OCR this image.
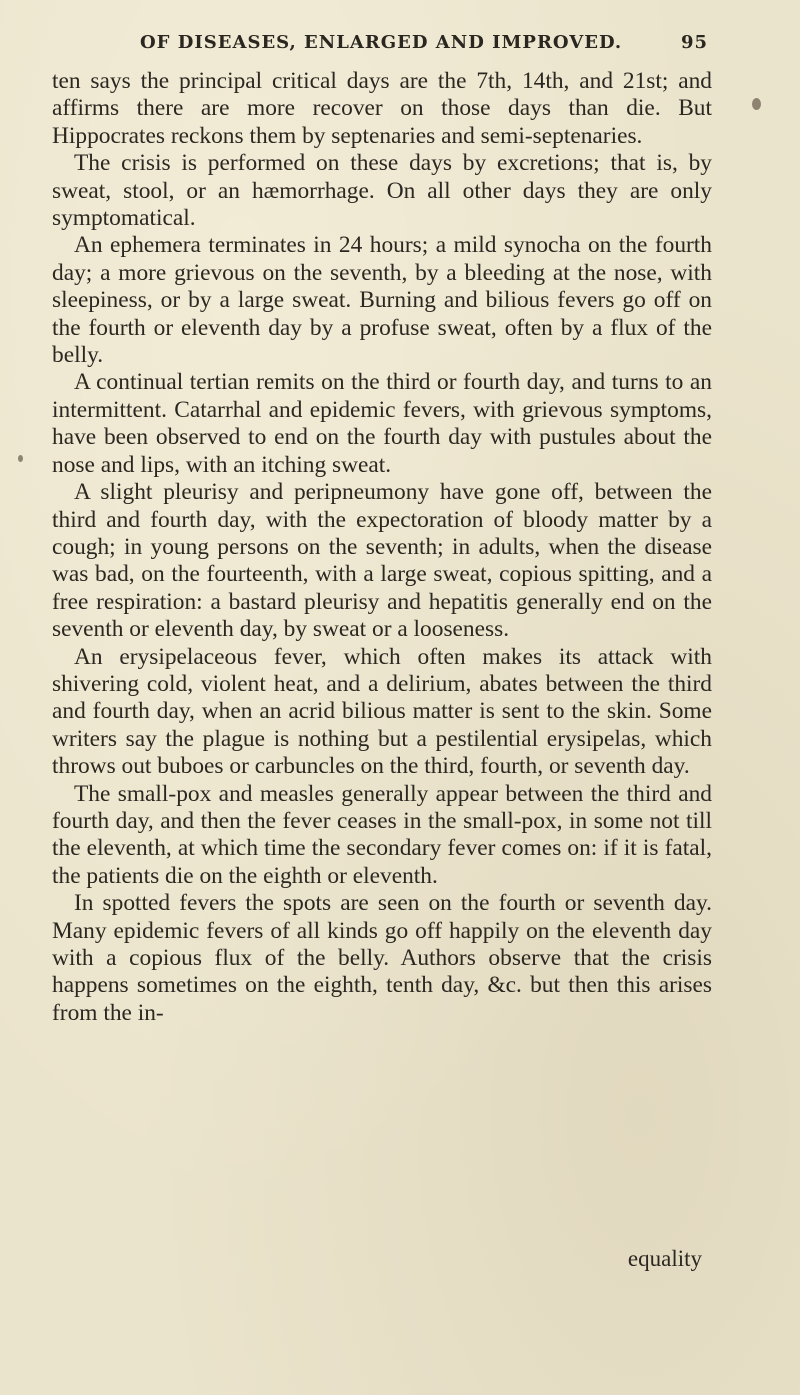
OF DISEASES, ENLARGED AND IMPROVED.	95

ten says the principal critical days are the 7th, 14th, and 21st; and affirms there are more recover on those days than die. But Hippocrates reckons them by septenaries and semi-septenaries.

The crisis is performed on these days by excretions; that is, by sweat, stool, or an hæmorrhage. On all other days they are only symptomatical.

An ephemera terminates in 24 hours; a mild synocha on the fourth day; a more grievous on the seventh, by a bleeding at the nose, with sleepiness, or by a large sweat. Burning and bilious fevers go off on the fourth or eleventh day by a profuse sweat, often by a flux of the belly.

A continual tertian remits on the third or fourth day, and turns to an intermittent. Catarrhal and epidemic fevers, with grievous symptoms, have been observed to end on the fourth day with pustules about the nose and lips, with an itching sweat.

A slight pleurisy and peripneumony have gone off, between the third and fourth day, with the expectoration of bloody matter by a cough; in young persons on the seventh; in adults, when the disease was bad, on the fourteenth, with a large sweat, copious spitting, and a free respiration: a bastard pleurisy and hepatitis generally end on the seventh or eleventh day, by sweat or a looseness.

An erysipelaceous fever, which often makes its attack with shivering cold, violent heat, and a delirium, abates between the third and fourth day, when an acrid bilious matter is sent to the skin. Some writers say the plague is nothing but a pestilential erysipelas, which throws out buboes or carbuncles on the third, fourth, or seventh day.

The small-pox and measles generally appear between the third and fourth day, and then the fever ceases in the small-pox, in some not till the eleventh, at which time the secondary fever comes on: if it is fatal, the patients die on the eighth or eleventh.

In spotted fevers the spots are seen on the fourth or seventh day. Many epidemic fevers of all kinds go off happily on the eleventh day with a copious flux of the belly. Authors observe that the crisis happens sometimes on the eighth, tenth day, &c. but then this arises from the in-

equality
